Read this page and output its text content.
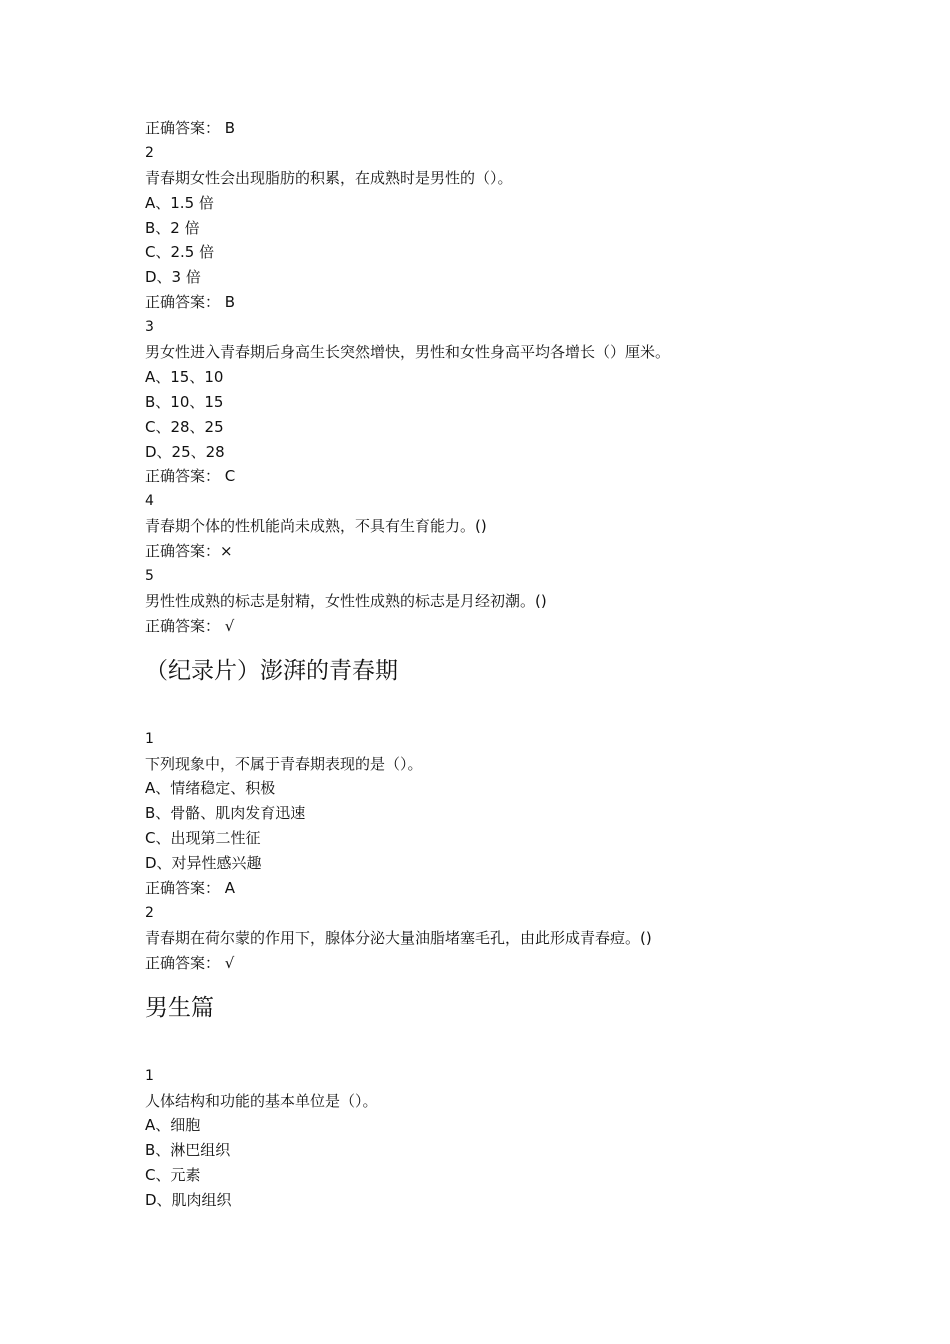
正确答案： B
2
青春期女性会出现脂肪的积累，在成熟时是男性的（）。
A、1.5 倍
B、2 倍
C、2.5 倍
D、3 倍
正确答案： B
3
男女性进入青春期后身高生长突然增快，男性和女性身高平均各增长（）厘米。
A、15、10
B、10、15
C、28、25
D、25、28
正确答案： C
4
青春期个体的性机能尚未成熟，不具有生育能力。()
正确答案：×
5
男性性成熟的标志是射精，女性性成熟的标志是月经初潮。()
正确答案： √
（纪录片）澎湃的青春期
1
下列现象中，不属于青春期表现的是（）。
A、情绪稳定、积极
B、骨骼、肌肉发育迅速
C、出现第二性征
D、对异性感兴趣
正确答案： A
2
青春期在荷尔蒙的作用下，腺体分泌大量油脂堵塞毛孔，由此形成青春痘。()
正确答案： √
男生篇
1
人体结构和功能的基本单位是（）。
A、细胞
B、淋巴组织
C、元素
D、肌肉组织
